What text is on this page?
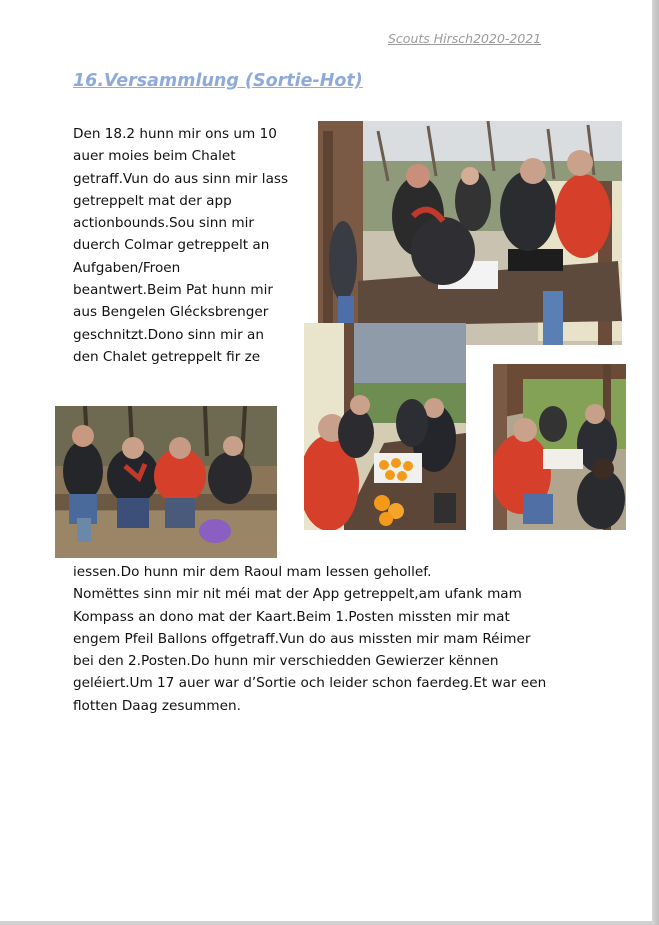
Scouts Hirsch2020-2021
16.Versammlung (Sortie-Hot)
Den 18.2 hunn mir ons um 10
auer moies beim Chalet
getraff.Vun do aus sinn mir lass
getreppelt mat der app
actionbounds.Sou sinn mir
duerch Colmar getreppelt an
Aufgaben/Froen
beantwert.Beim Pat hunn mir
aus Bengelen Glécksbrenger
geschnitzt.Dono sinn mir an
den Chalet getreppelt fir ze
iessen.Do hunn mir dem Raoul mam Iessen gehollef.
Nomëttes sinn mir nit méi mat der App getreppelt,am ufank mam
Kompass an dono mat der Kaart.Beim 1.Posten missten mir mat
engem Pfeil Ballons offgetraff.Vun do aus missten mir mam Réimer
bei den 2.Posten.Do hunn mir verschiedden Gewierzer kënnen
geléiert.Um 17 auer war d’Sortie och leider schon faerdeg.Et war een
flotten Daag zesummen.
